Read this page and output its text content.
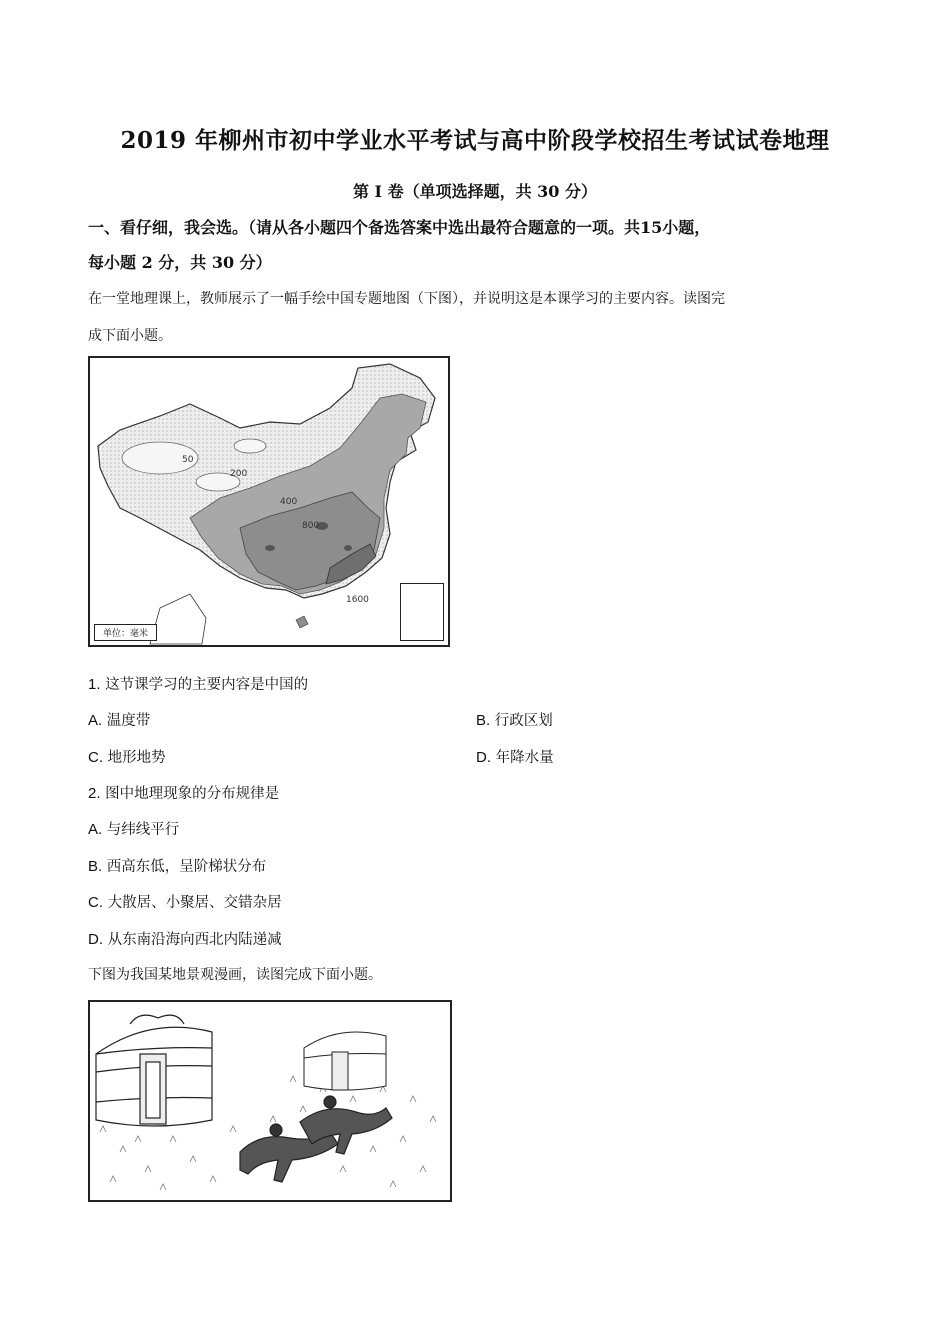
2019 年柳州市初中学业水平考试与高中阶段学校招生考试试卷地理
第 I 卷（单项选择题，共 30 分）
一、看仔细，我会选。（请从各小题四个备选答案中选出最符合题意的一项。共15小题，
每小题 2 分，共 30 分）
在一堂地理课上，教师展示了一幅手绘中国专题地图（下图），并说明这是本课学习的主要内容。读图完
成下面小题。
50
200
400
800
1600
单位：毫米
1. 这节课学习的主要内容是中国的
A. 温度带	B. 行政区划
C. 地形地势	D. 年降水量
2. 图中地理现象的分布规律是
A. 与纬线平行
B. 西高东低，呈阶梯状分布
C. 大散居、小聚居、交错杂居
D. 从东南沿海向西北内陆递减
下图为我国某地景观漫画，读图完成下面小题。
